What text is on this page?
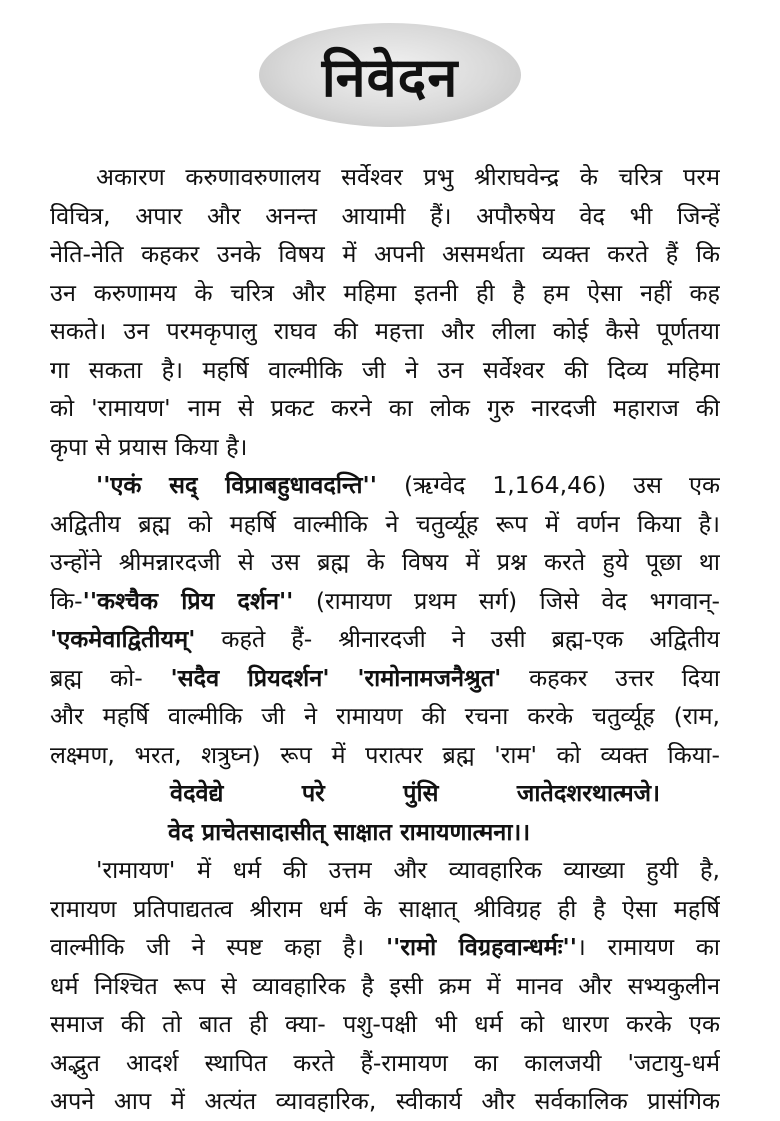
निवेदन
अकारण करुणावरुणालय सर्वेश्वर प्रभु श्रीराघवेन्द्र के चरित्र परम
विचित्र, अपार और अनन्त आयामी हैं। अपौरुषेय वेद भी जिन्हें
नेति-नेति कहकर उनके विषय में अपनी असमर्थता व्यक्त करते हैं कि
उन करुणामय के चरित्र और महिमा इतनी ही है हम ऐसा नहीं कह
सकते। उन परमकृपालु राघव की महत्ता और लीला कोई कैसे पूर्णतया
गा सकता है। महर्षि वाल्मीकि जी ने उन सर्वेश्वर की दिव्य महिमा
को 'रामायण' नाम से प्रकट करने का लोक गुरु नारदजी महाराज की
कृपा से प्रयास किया है।
''एकं सद् विप्राबहुधावदन्ति'' (ऋग्वेद 1,164,46) उस एक
अद्वितीय ब्रह्म को महर्षि वाल्मीकि ने चतुर्व्यूह रूप में वर्णन किया है।
उन्होंने श्रीमन्नारदजी से उस ब्रह्म के विषय में प्रश्न करते हुये पूछा था
कि-''कश्चैक प्रिय दर्शन'' (रामायण प्रथम सर्ग) जिसे वेद भगवान्-
'एकमेवाद्वितीयम्' कहते हैं- श्रीनारदजी ने उसी ब्रह्म-एक अद्वितीय
ब्रह्म को- 'सदैव प्रियदर्शन' 'रामोनामजनैश्रुत' कहकर उत्तर दिया
और महर्षि वाल्मीकि जी ने रामायण की रचना करके चतुर्व्यूह (राम,
लक्ष्मण, भरत, शत्रुघ्न) रूप में परात्पर ब्रह्म 'राम' को व्यक्त किया-
वेदवेद्ये परे पुंसि जातेदशरथात्मजे।
वेद प्राचेतसादासीत् साक्षात रामायणात्मना।।
'रामायण' में धर्म की उत्तम और व्यावहारिक व्याख्या हुयी है,
रामायण प्रतिपाद्यतत्व श्रीराम धर्म के साक्षात् श्रीविग्रह ही है ऐसा महर्षि
वाल्मीकि जी ने स्पष्ट कहा है। ''रामो विग्रहवान्धर्मः''। रामायण का
धर्म निश्चित रूप से व्यावहारिक है इसी क्रम में मानव और सभ्यकुलीन
समाज की तो बात ही क्या- पशु-पक्षी भी धर्म को धारण करके एक
अद्भुत आदर्श स्थापित करते हैं-रामायण का कालजयी 'जटायु-धर्म
अपने आप में अत्यंत व्यावहारिक, स्वीकार्य और सर्वकालिक प्रासंगिक
